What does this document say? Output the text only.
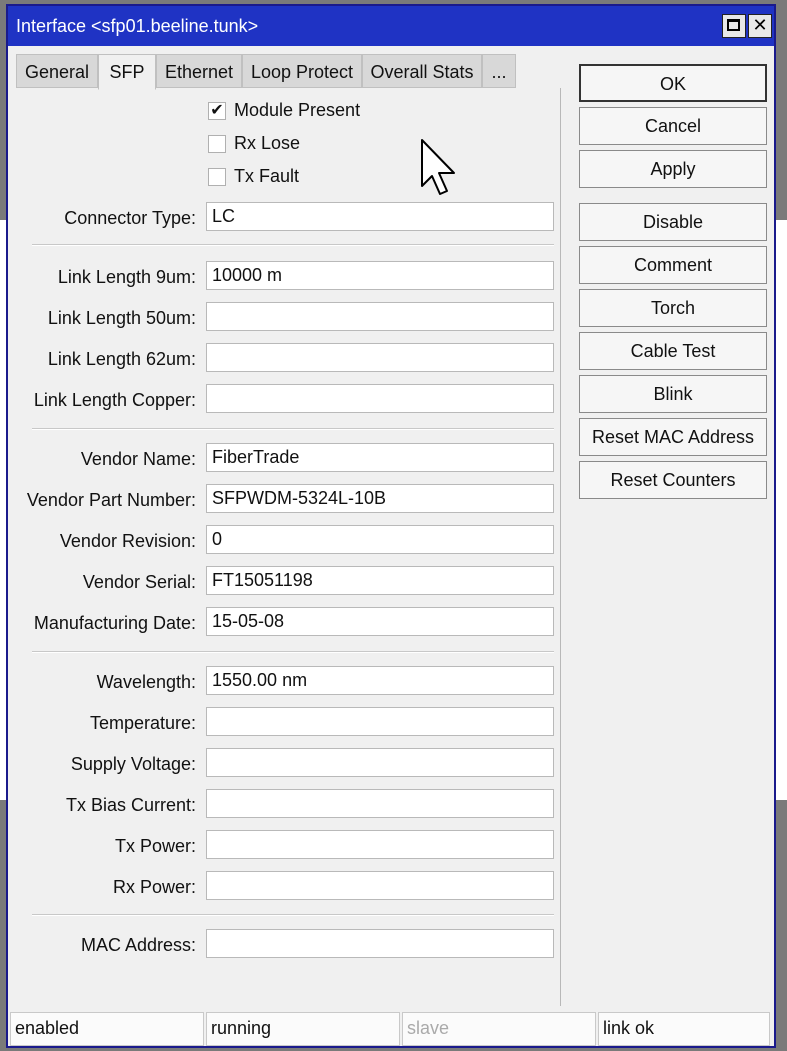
Interface <sfp01.beeline.tunk>	✕
General	SFP	Ethernet Loop Protect Overall Stats ...
✔ Module Present
Rx Lose
Tx Fault
Connector Type: LC
Link Length 9um: 10000 m
Link Length 50um:
Link Length 62um:
Link Length Copper:
Vendor Name: FiberTrade
Vendor Part Number: SFPWDM-5324L-10B
Vendor Revision: 0
Vendor Serial: FT15051198
Manufacturing Date: 15-05-08
Wavelength: 1550.00 nm
Temperature:
Supply Voltage:
Tx Bias Current:
Tx Power:
Rx Power:
MAC Address:
OK
Cancel
Apply
Disable
Comment
Torch
Cable Test
Blink
Reset MAC Address
Reset Counters
enabled	running	slave	link ok
